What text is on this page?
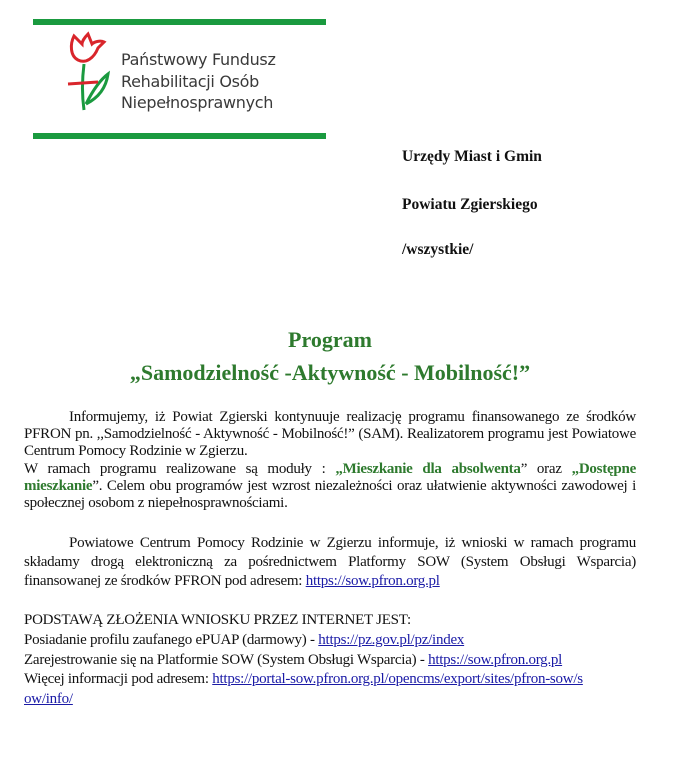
Państwowy Fundusz
Rehabilitacji Osób
Niepełnosprawnych
Urzędy Miast i Gmin
Powiatu Zgierskiego
/wszystkie/
Program
„Samodzielność -Aktywność - Mobilność!”

Informujemy, iż Powiat Zgierski kontynuuje realizację programu finansowanego ze środków PFRON pn. ,,Samodzielność - Aktywność - Mobilność!” (SAM). Realizatorem programu jest Powiatowe Centrum Pomocy Rodzinie w Zgierzu.

W ramach programu realizowane są moduły : „Mieszkanie dla absolwenta” oraz „Dostępne mieszkanie”. Celem obu programów jest wzrost niezależności oraz ułatwienie aktywności zawodowej i społecznej osobom z niepełnosprawnościami.

Powiatowe Centrum Pomocy Rodzinie w Zgierzu informuje, iż wnioski w ramach programu składamy drogą elektroniczną za pośrednictwem Platformy SOW (System Obsługi Wsparcia) finansowanej ze środków PFRON pod adresem: https://sow.pfron.org.pl

PODSTAWĄ ZŁOŻENIA WNIOSKU PRZEZ INTERNET JEST:
Posiadanie profilu zaufanego ePUAP (darmowy) - https://pz.gov.pl/pz/index
Zarejestrowanie się na Platformie SOW (System Obsługi Wsparcia) - https://sow.pfron.org.pl
Więcej informacji pod adresem: https://portal-sow.pfron.org.pl/opencms/export/sites/pfron-sow/sow/info/
